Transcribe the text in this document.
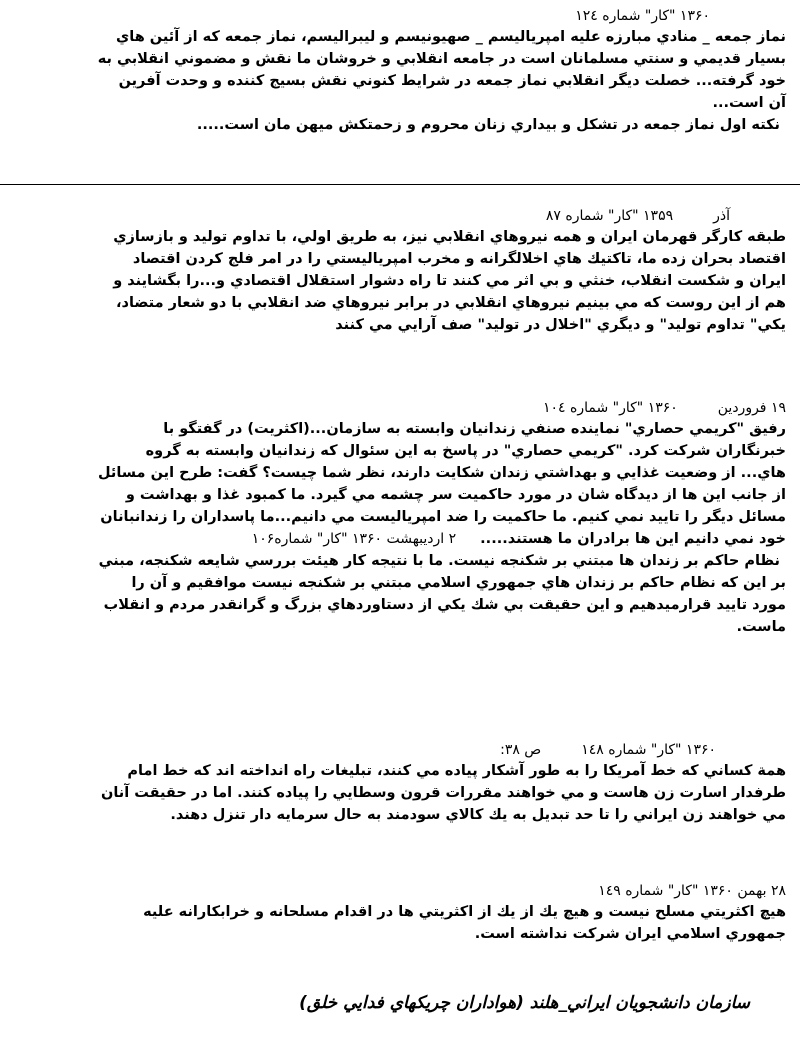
۱۳۶۰ "کار" شماره ۱۲٤

نماز جمعه _ منادي مبارزه عليه امپرياليسم _ صهيونيسم و ليبراليسم، نماز جمعه كه از آئين هاي
بسيار قديمي و سنتي مسلمانان است در جامعه انقلابي و خروشان ما نقش و مضموني انقلابي به
خود گرفته... خصلت ديگر انقلابي نماز جمعه در شرايط كنوني نقش بسيج كننده و وحدت آفرين
آن است...
نكته اول نماز جمعه در تشكل و بيداري زنان محروم و زحمتكش ميهن مان است.....

آذر۱۳۵۹ "کار" شماره ۸۷

طبقه كارگر قهرمان ايران و همه نيروهاي انقلابي نيز، به طريق اولي، با تداوم توليد و بازسازي
اقتصاد بحران زده ما، تاكتيك هاي اخلالگرانه و مخرب امپرياليستي را در امر فلج كردن اقتصاد
ايران و شكست انقلاب، خنثي و بي اثر مي كنند تا راه دشوار استقلال اقتصادي و...را بگشايند و
هم از اين روست كه مي بينيم نيروهاي انقلابي در برابر نيروهاي ضد انقلابي با دو شعار متضاد،
يكي" تداوم توليد" و ديگري "اخلال در توليد" صف آرايي مي كنند

۱۹ فروردين۱۳۶۰ "کار" شماره ۱۰٤

رفيق "كريمي حصاري" نماينده صنفي زندانيان وابسته به سازمان...(اكثريت) در گفتگو با
خبرنگاران شركت كرد. "كريمي حصاري" در پاسخ به اين سئوال كه زندانيان وابسته به گروه
هاي... از وضعيت غذايي و بهداشتي زندان شكايت دارند، نظر شما چيست؟ گفت: طرح اين مسائل
از جانب اين ها از ديدگاه شان در مورد حاكميت سر چشمه مي گيرد. ما كمبود غذا و بهداشت و
مسائل ديگر را تاييد نمي كنيم. ما حاكميت را ضد امپرياليست مي دانيم...ما پاسداران را زندانبانان
خود نمي دانيم اين ها برادران ما هستند.....۲ ارديبهشت ۱۳۶۰ "کار" شماره۱۰۶
نظام حاكم بر زندان ها مبتني بر شكنجه نيست. ما با نتيجه كار هيئت بررسي شايعه شكنجه، مبني
بر اين كه نظام حاكم بر زندان هاي جمهوري اسلامي مبتني بر شكنجه نيست موافقيم و آن را
مورد تاييد قرارميدهيم و اين حقيقت بي شك يكي از دستاوردهاي بزرگ و گرانقدر مردم و انقلاب
ماست.

۱۳۶۰ "کار" شماره ۱٤۸ص ۳۸:

همة كساني كه خط آمريكا را به طور آشكار پياده مي كنند، تبليغات راه انداخته اند كه خط امام
طرفدار اسارت زن هاست و مي خواهند مقررات قرون وسطايي را پياده كنند. اما در حقيقت آنان
مي خواهند زن ايراني را تا حد تبديل به يك كالاي سودمند به حال سرمايه دار تنزل دهند.

۲۸ بهمن ۱۳۶۰ "کار" شماره ۱٤۹

هيچ اكثريتي مسلح نيست و هيچ يك از يك از اكثريتي ها در اقدام مسلحانه و خرابكارانه عليه
جمهوري اسلامي ايران شركت نداشته است.

سازمان دانشجويان ايراني_هلند (هواداران چريكهاي فدايي خلق)
